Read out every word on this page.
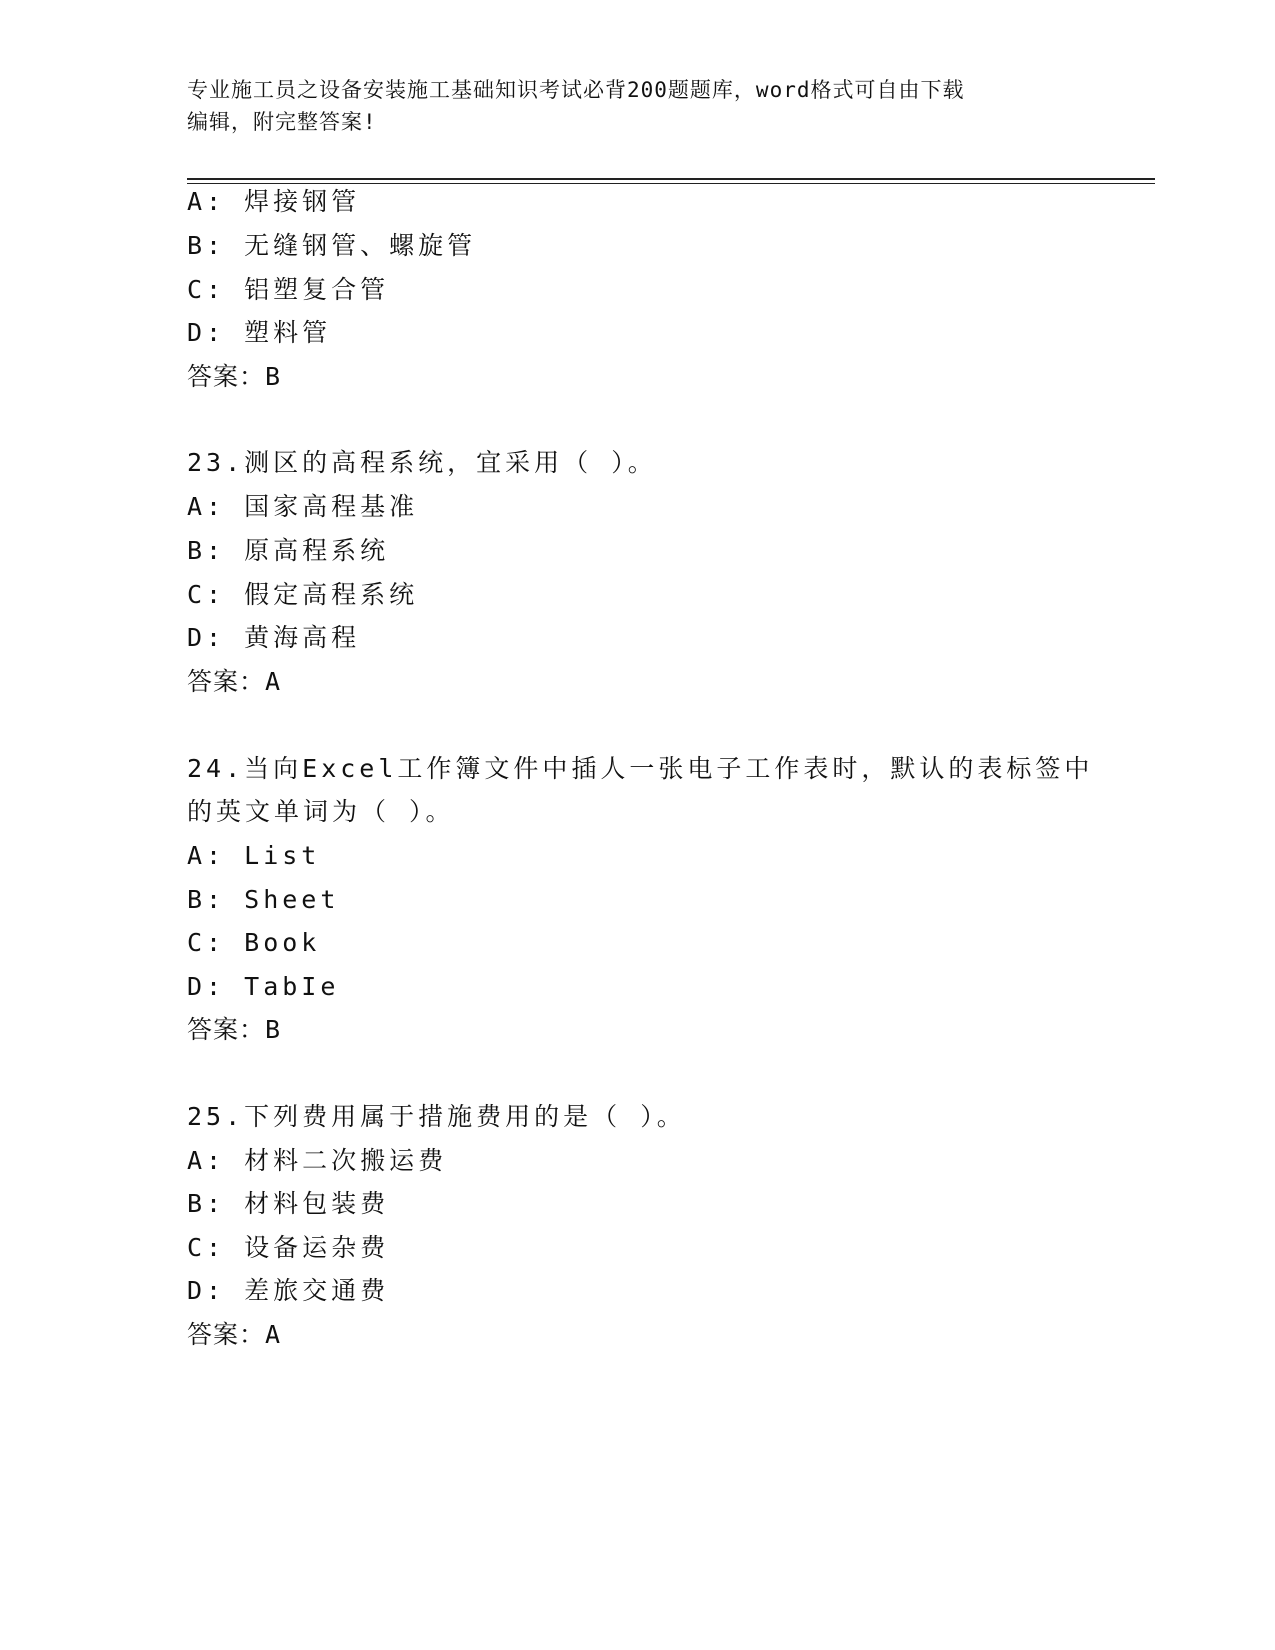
专业施工员之设备安装施工基础知识考试必背200题题库，word格式可自由下载
编辑，附完整答案!
A: 焊接钢管
B: 无缝钢管、螺旋管
C: 铝塑复合管
D: 塑料管
答案：B
23.测区的高程系统，宜采用（ ）。
A: 国家高程基准
B: 原高程系统
C: 假定高程系统
D: 黄海高程
答案：A
24.当向Excel工作簿文件中插人一张电子工作表时，默认的表标签中
的英文单词为（ ）。
A: List
B: Sheet
C: Book
D: TabIe
答案：B
25.下列费用属于措施费用的是（ ）。
A: 材料二次搬运费
B: 材料包装费
C: 设备运杂费
D: 差旅交通费
答案：A
